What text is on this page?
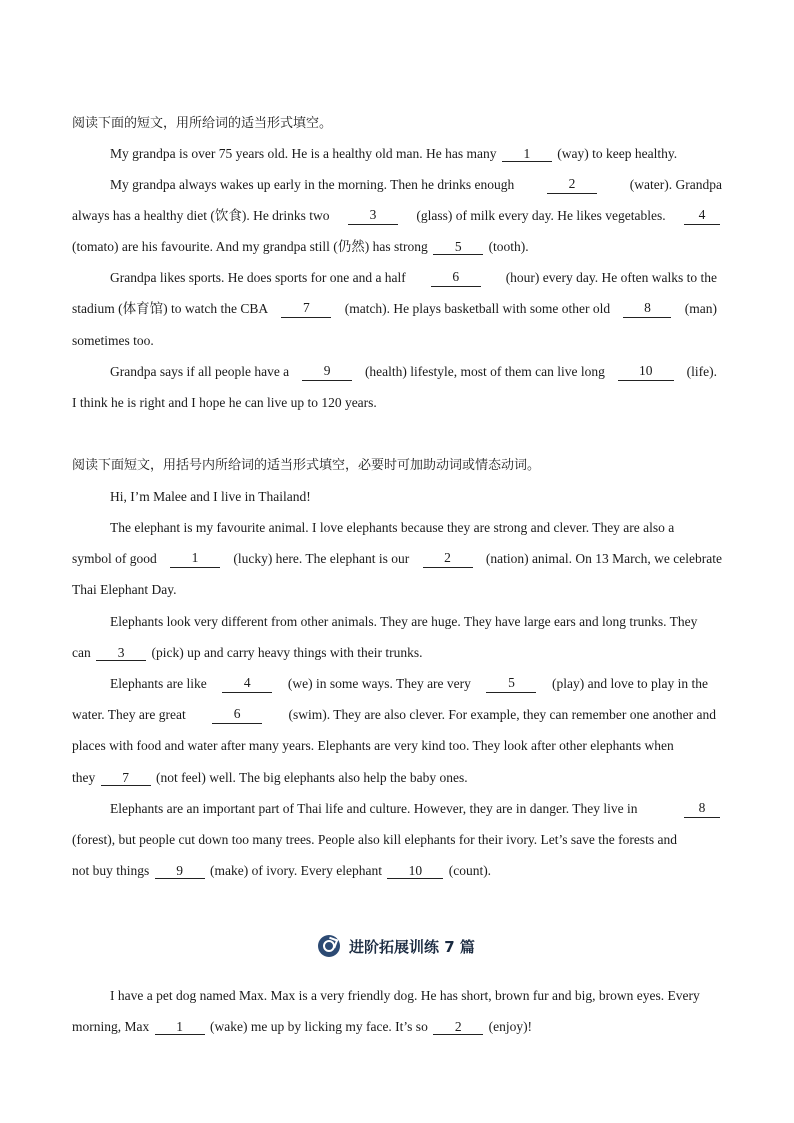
阅读下面的短文，用所给词的适当形式填空。
My grandpa is over 75 years old. He is a healthy old man. He has many 1 (way) to keep healthy.
My grandpa always wakes up early in the morning. Then he drinks enough	2	(water). Grandpa
always has a healthy diet (饮食). He drinks two	3	(glass) of milk every day. He likes vegetables.	4
(tomato) are his favourite. And my grandpa still (仍然) has strong 5 (tooth).
Grandpa likes sports. He does sports for one and a half	6	(hour) every day. He often walks to the
stadium (体育馆) to watch the CBA	7	(match). He plays basketball with some other old	8	(man)
sometimes too.
Grandpa says if all people have a	9	(health) lifestyle, most of them can live long	10	(life).
I think he is right and I hope he can live up to 120 years.
阅读下面短文，用括号内所给词的适当形式填空，必要时可加助动词或情态动词。
Hi, I’m Malee and I live in Thailand!
The elephant is my favourite animal. I love elephants because they are strong and clever. They are also a
symbol of good	1	(lucky) here. The elephant is our	2	(nation) animal. On 13 March, we celebrate
Thai Elephant Day.
Elephants look very different from other animals. They are huge. They have large ears and long trunks. They
can 3 (pick) up and carry heavy things with their trunks.
Elephants are like	4	(we) in some ways. They are very	5	(play) and love to play in the
water. They are great	6	(swim). They are also clever. For example, they can remember one another and
places with food and water after many years. Elephants are very kind too. They look after other elephants when
they 7 (not feel) well. The big elephants also help the baby ones.
Elephants are an important part of Thai life and culture. However, they are in danger. They live in	8
(forest), but people cut down too many trees. People also kill elephants for their ivory. Let’s save the forests and
not buy things 9 (make) of ivory. Every elephant 10 (count).
进阶拓展训练 7 篇
I have a pet dog named Max. Max is a very friendly dog. He has short, brown fur and big, brown eyes. Every
morning, Max 1 (wake) me up by licking my face. It’s so 2 (enjoy)!
